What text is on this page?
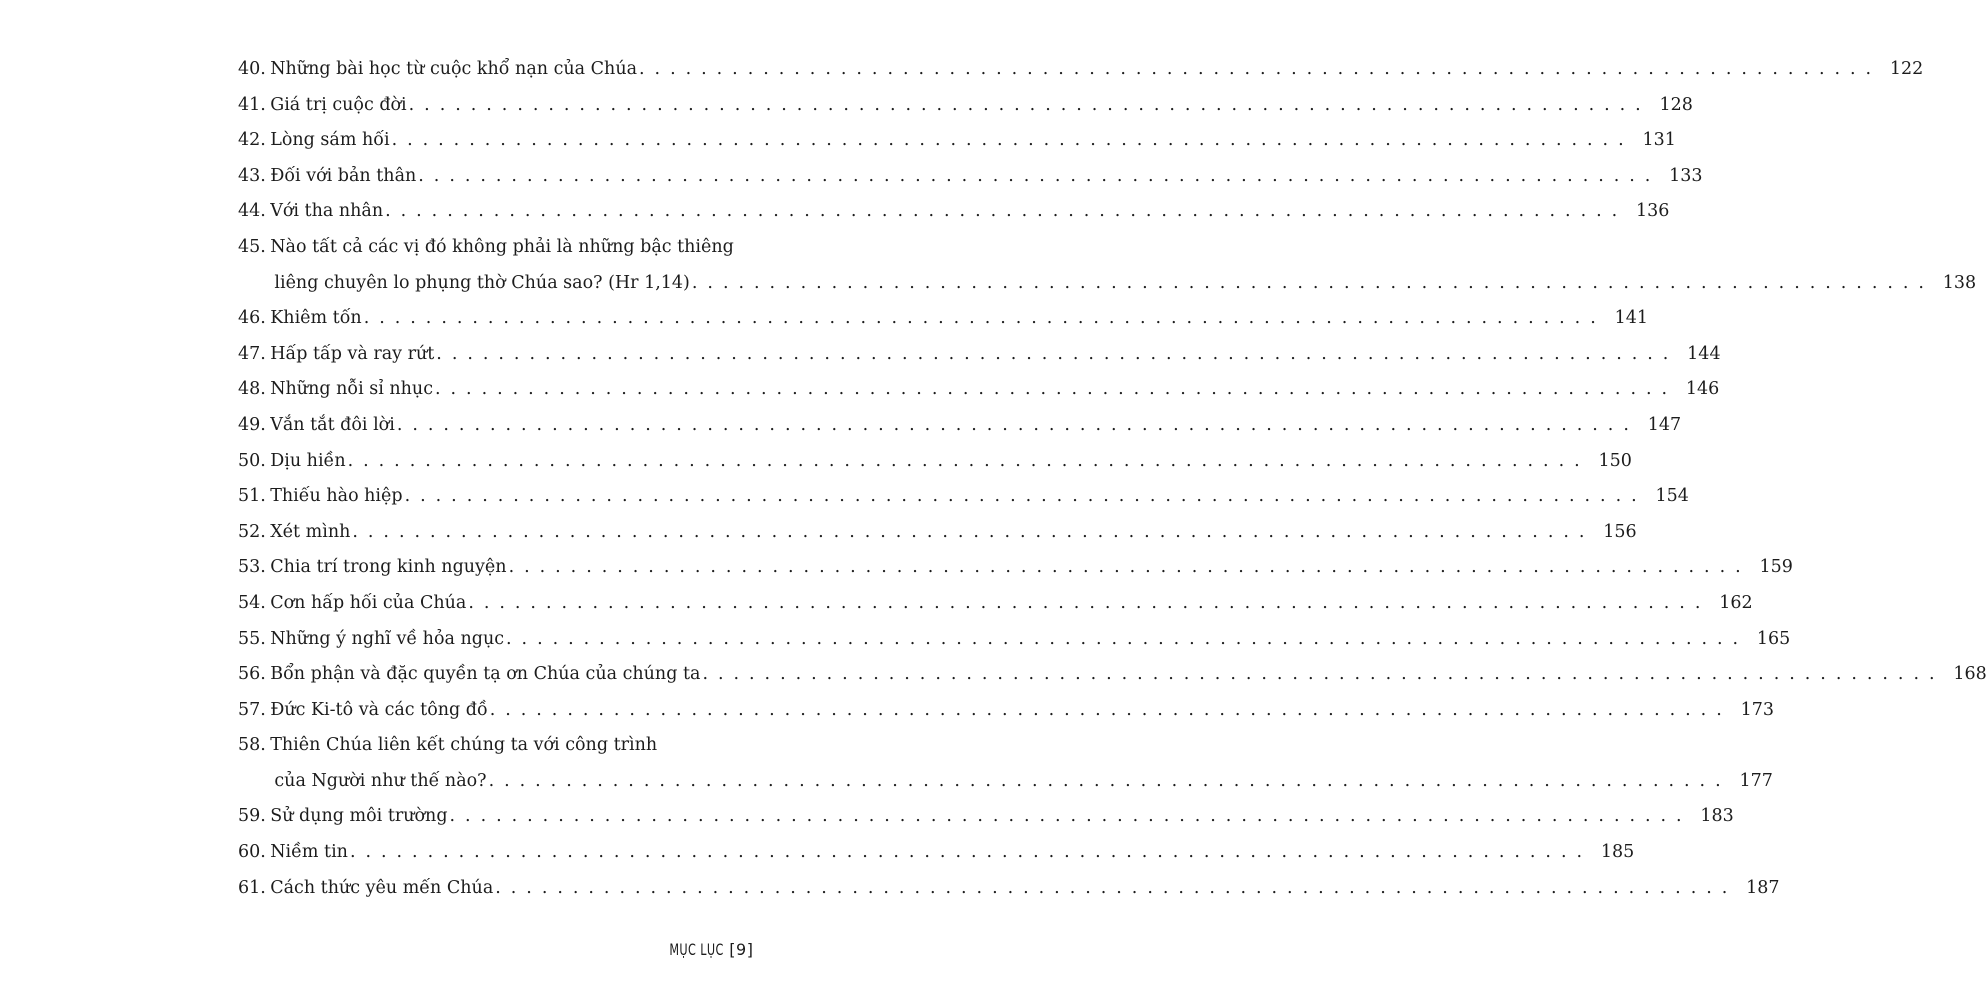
40. Những bài học từ cuộc khổ nạn của Chúa . . .	122
41. Giá trị cuộc đời . . .	128
42. Lòng sám hối . . .	131
43. Đối với bản thân . . .	133
44. Với tha nhân . . .	136
45. Nào tất cả các vị đó không phải là những bậc thiêng
liêng chuyên lo phụng thờ Chúa sao? (Hr 1,14) . . .	138
46. Khiêm tốn . . .	141
47. Hấp tấp và ray rứt . . .	144
48. Những nỗi sỉ nhục . . .	146
49. Vắn tắt đôi lời . . .	147
50. Dịu hiền . . .	150
51. Thiếu hào hiệp . . .	154
52. Xét mình . . .	156
53. Chia trí trong kinh nguyện . . .	159
54. Cơn hấp hối của Chúa . . .	162
55. Những ý nghĩ về hỏa ngục . . .	165
56. Bổn phận và đặc quyền tạ ơn Chúa của chúng ta . . .	168
57. Đức Ki-tô và các tông đồ . . .	173
58. Thiên Chúa liên kết chúng ta với công trình
của Người như thế nào? . . .	177
59. Sử dụng môi trường . . .	183
60. Niềm tin . . .	185
61. Cách thức yêu mến Chúa . . .	187
MỤC LỤC [9]
